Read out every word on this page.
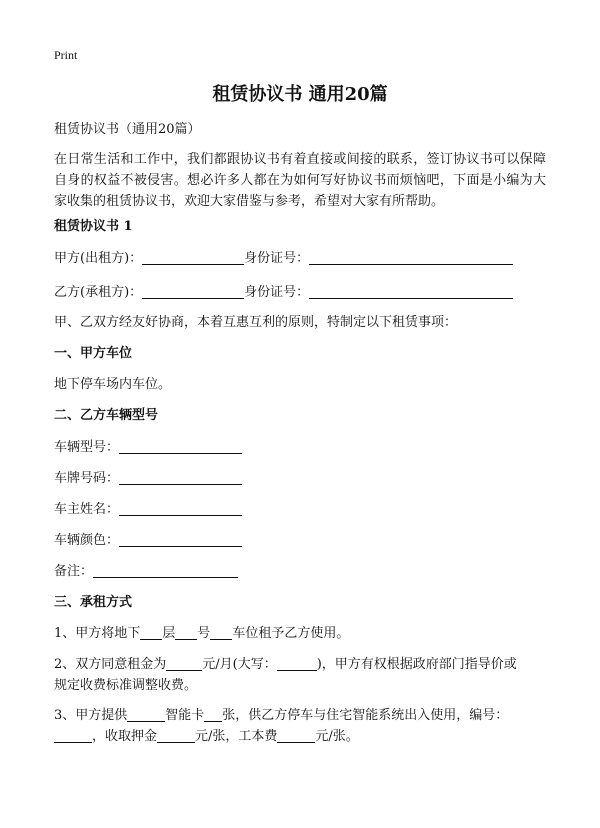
Print
租赁协议书 通用20篇
租赁协议书（通用20篇）
在日常生活和工作中，我们都跟协议书有着直接或间接的联系，签订协议书可以保障自身的权益不被侵害。想必许多人都在为如何写好协议书而烦恼吧，下面是小编为大家收集的租赁协议书，欢迎大家借鉴与参考，希望对大家有所帮助。
租赁协议书 1
甲方(出租方)：	身份证号：
乙方(承租方)：	身份证号：
甲、乙双方经友好协商，本着互惠互利的原则，特制定以下租赁事项：
一、甲方车位
地下停车场内车位。
二、乙方车辆型号
车辆型号：
车牌号码：
车主姓名：
车辆颜色：
备注：
三、承租方式
1、甲方将地下 层 号 车位租予乙方使用。
2、双方同意租金为	元/月(大写：	)，甲方有权根据政府部门指导价或
规定收费标准调整收费。
3、甲方提供	智能卡 张，供乙方停车与住宅智能系统出入使用，编号：
，收取押金	元/张，工本费	元/张。
